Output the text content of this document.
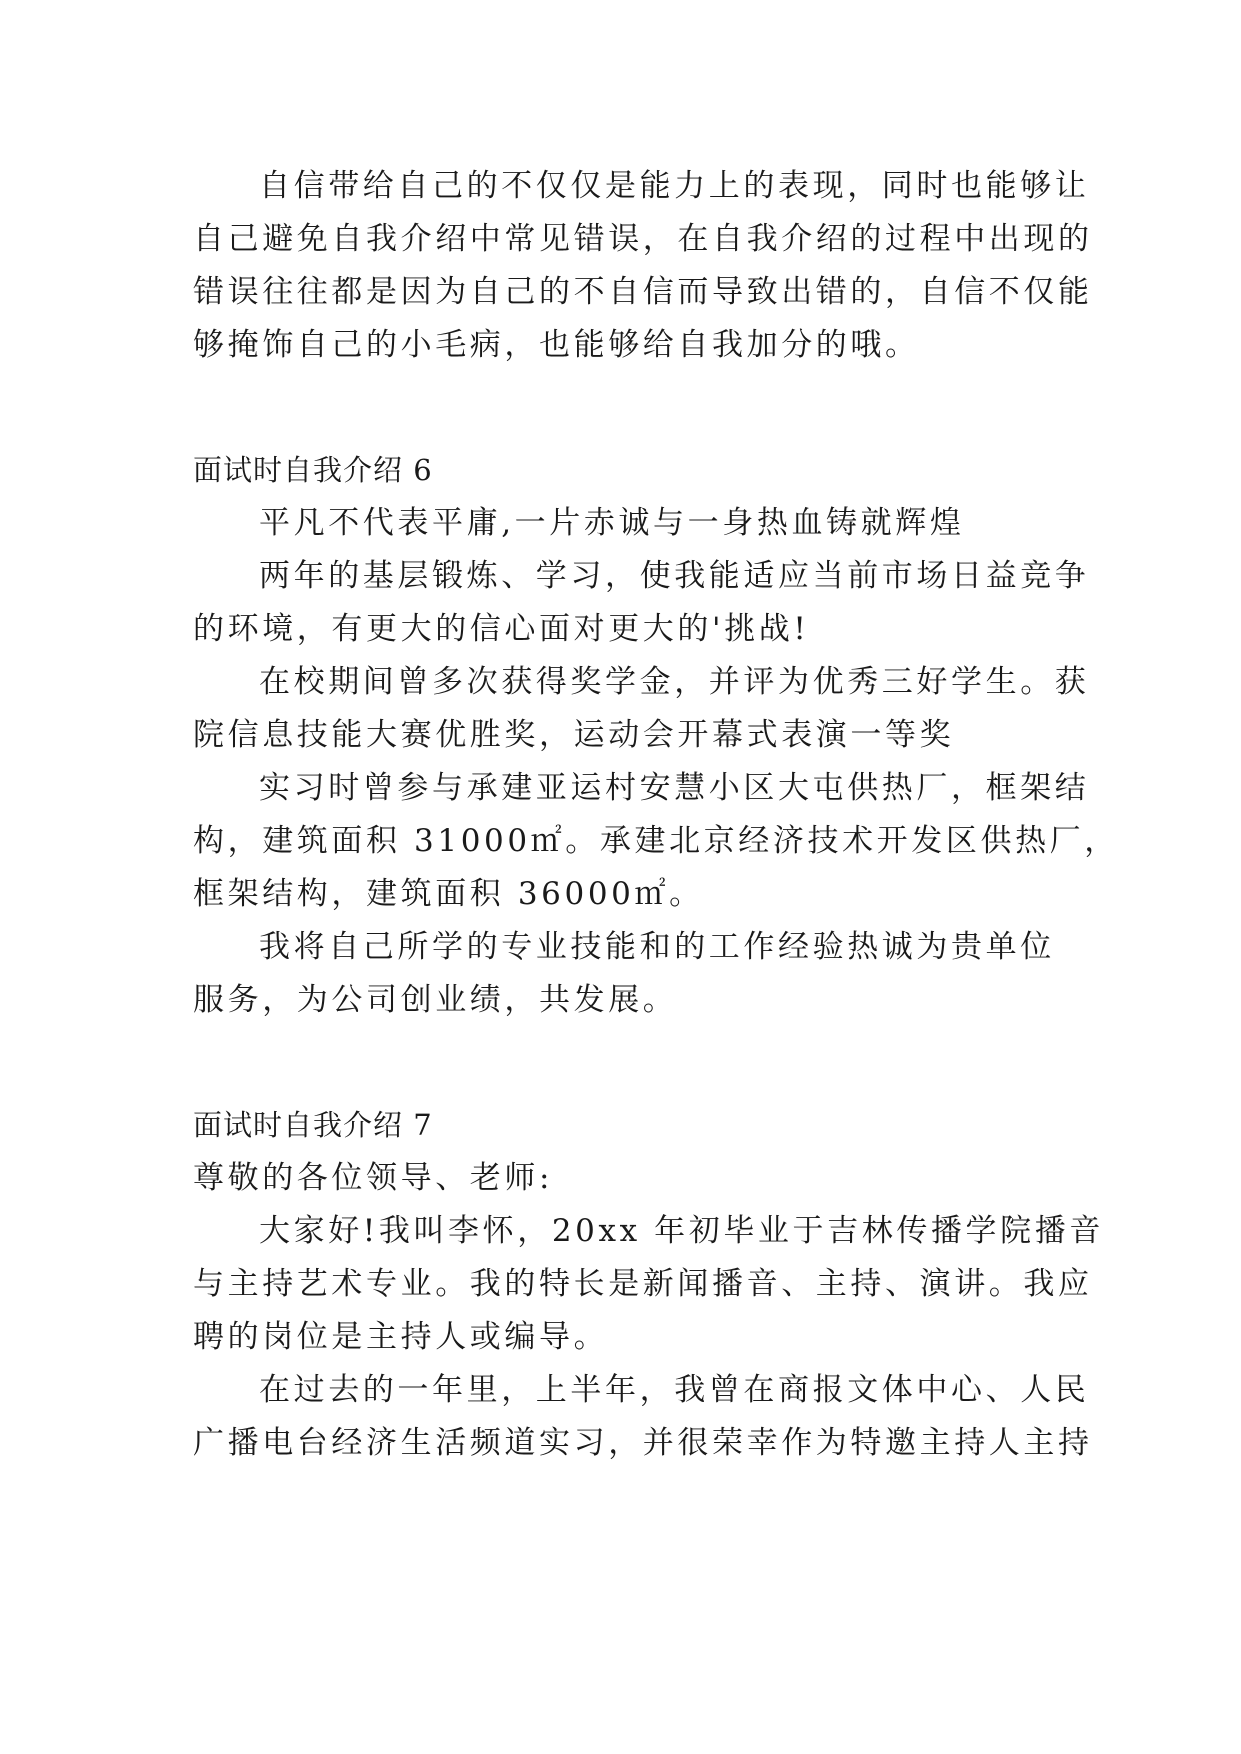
自信带给自己的不仅仅是能力上的表现，同时也能够让
自己避免自我介绍中常见错误，在自我介绍的过程中出现的
错误往往都是因为自己的不自信而导致出错的，自信不仅能
够掩饰自己的小毛病，也能够给自我加分的哦。
面试时自我介绍 6
平凡不代表平庸,一片赤诚与一身热血铸就辉煌
两年的基层锻炼、学习，使我能适应当前市场日益竞争
的环境，有更大的信心面对更大的'挑战!
在校期间曾多次获得奖学金，并评为优秀三好学生。获
院信息技能大赛优胜奖，运动会开幕式表演一等奖
实习时曾参与承建亚运村安慧小区大屯供热厂，框架结
构，建筑面积 31000㎡。承建北京经济技术开发区供热厂，
框架结构，建筑面积 36000㎡。
我将自己所学的专业技能和的工作经验热诚为贵单位
服务，为公司创业绩，共发展。
面试时自我介绍 7
尊敬的各位领导、老师:
大家好!我叫李怀，20xx 年初毕业于吉林传播学院播音
与主持艺术专业。我的特长是新闻播音、主持、演讲。我应
聘的岗位是主持人或编导。
在过去的一年里，上半年，我曾在商报文体中心、人民
广播电台经济生活频道实习，并很荣幸作为特邀主持人主持
